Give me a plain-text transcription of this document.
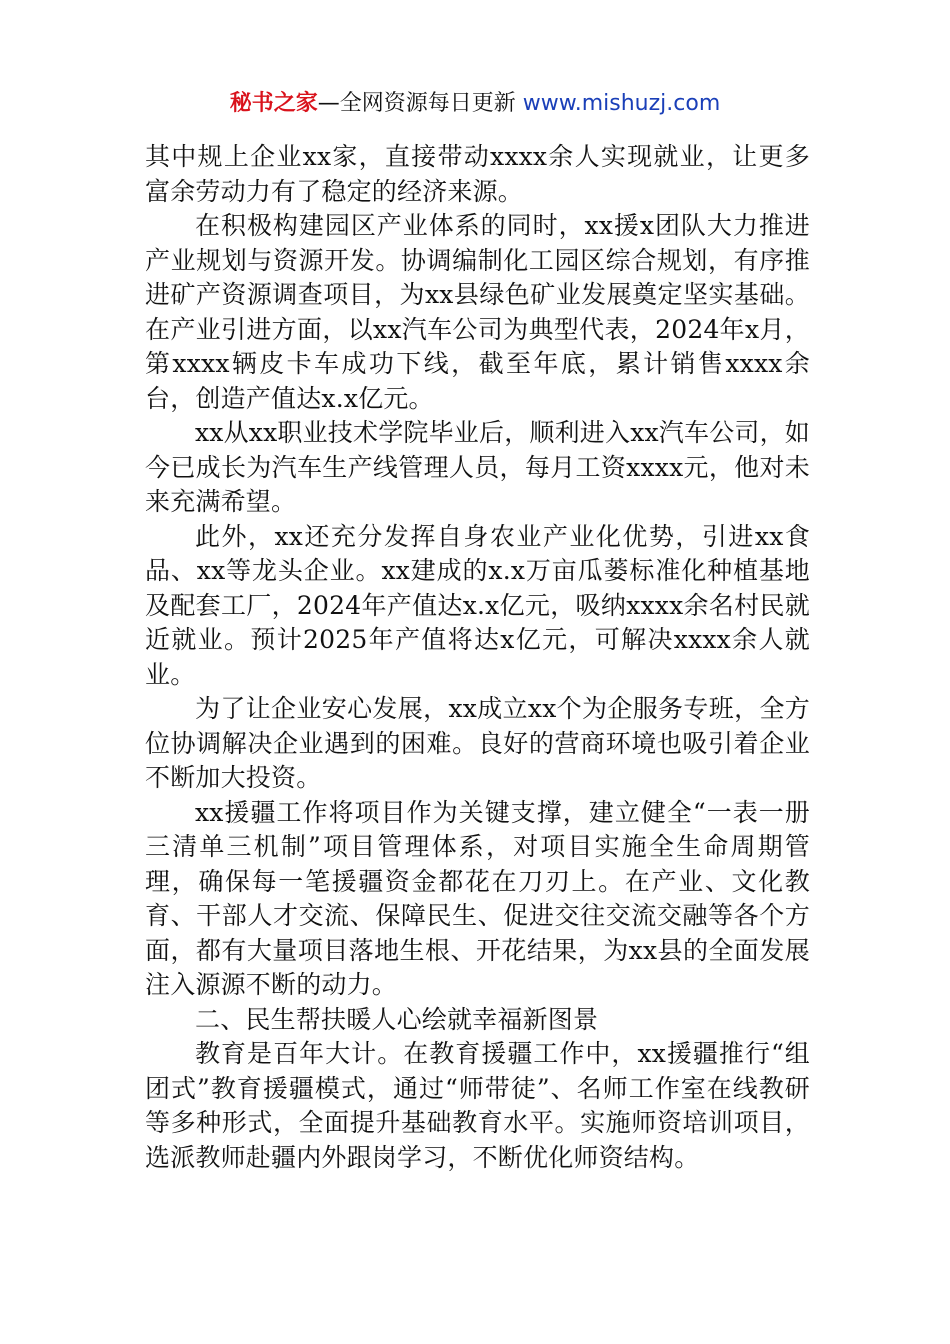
秘书之家—全网资源每日更新 www.mishuzj.com

其中规上企业xx家，直接带动xxxx余人实现就业，让更多富余劳动力有了稳定的经济来源。

在积极构建园区产业体系的同时，xx援x团队大力推进产业规划与资源开发。协调编制化工园区综合规划，有序推进矿产资源调查项目，为xx县绿色矿业发展奠定坚实基础。在产业引进方面，以xx汽车公司为典型代表，2024年x月，第xxxx辆皮卡车成功下线，截至年底，累计销售xxxx余台，创造产值达x.x亿元。

xx从xx职业技术学院毕业后，顺利进入xx汽车公司，如今已成长为汽车生产线管理人员，每月工资xxxx元，他对未来充满希望。

此外，xx还充分发挥自身农业产业化优势，引进xx食品、xx等龙头企业。xx建成的x.x万亩瓜蒌标准化种植基地及配套工厂，2024年产值达x.x亿元，吸纳xxxx余名村民就近就业。预计2025年产值将达x亿元，可解决xxxx余人就业。

为了让企业安心发展，xx成立xx个为企服务专班，全方位协调解决企业遇到的困难。良好的营商环境也吸引着企业不断加大投资。

xx援疆工作将项目作为关键支撑，建立健全“一表一册三清单三机制”项目管理体系，对项目实施全生命周期管理，确保每一笔援疆资金都花在刀刃上。在产业、文化教育、干部人才交流、保障民生、促进交往交流交融等各个方面，都有大量项目落地生根、开花结果，为xx县的全面发展注入源源不断的动力。

二、民生帮扶暖人心绘就幸福新图景

教育是百年大计。在教育援疆工作中，xx援疆推行“组团式”教育援疆模式，通过“师带徒”、名师工作室在线教研等多种形式，全面提升基础教育水平。实施师资培训项目，选派教师赴疆内外跟岗学习，不断优化师资结构。
